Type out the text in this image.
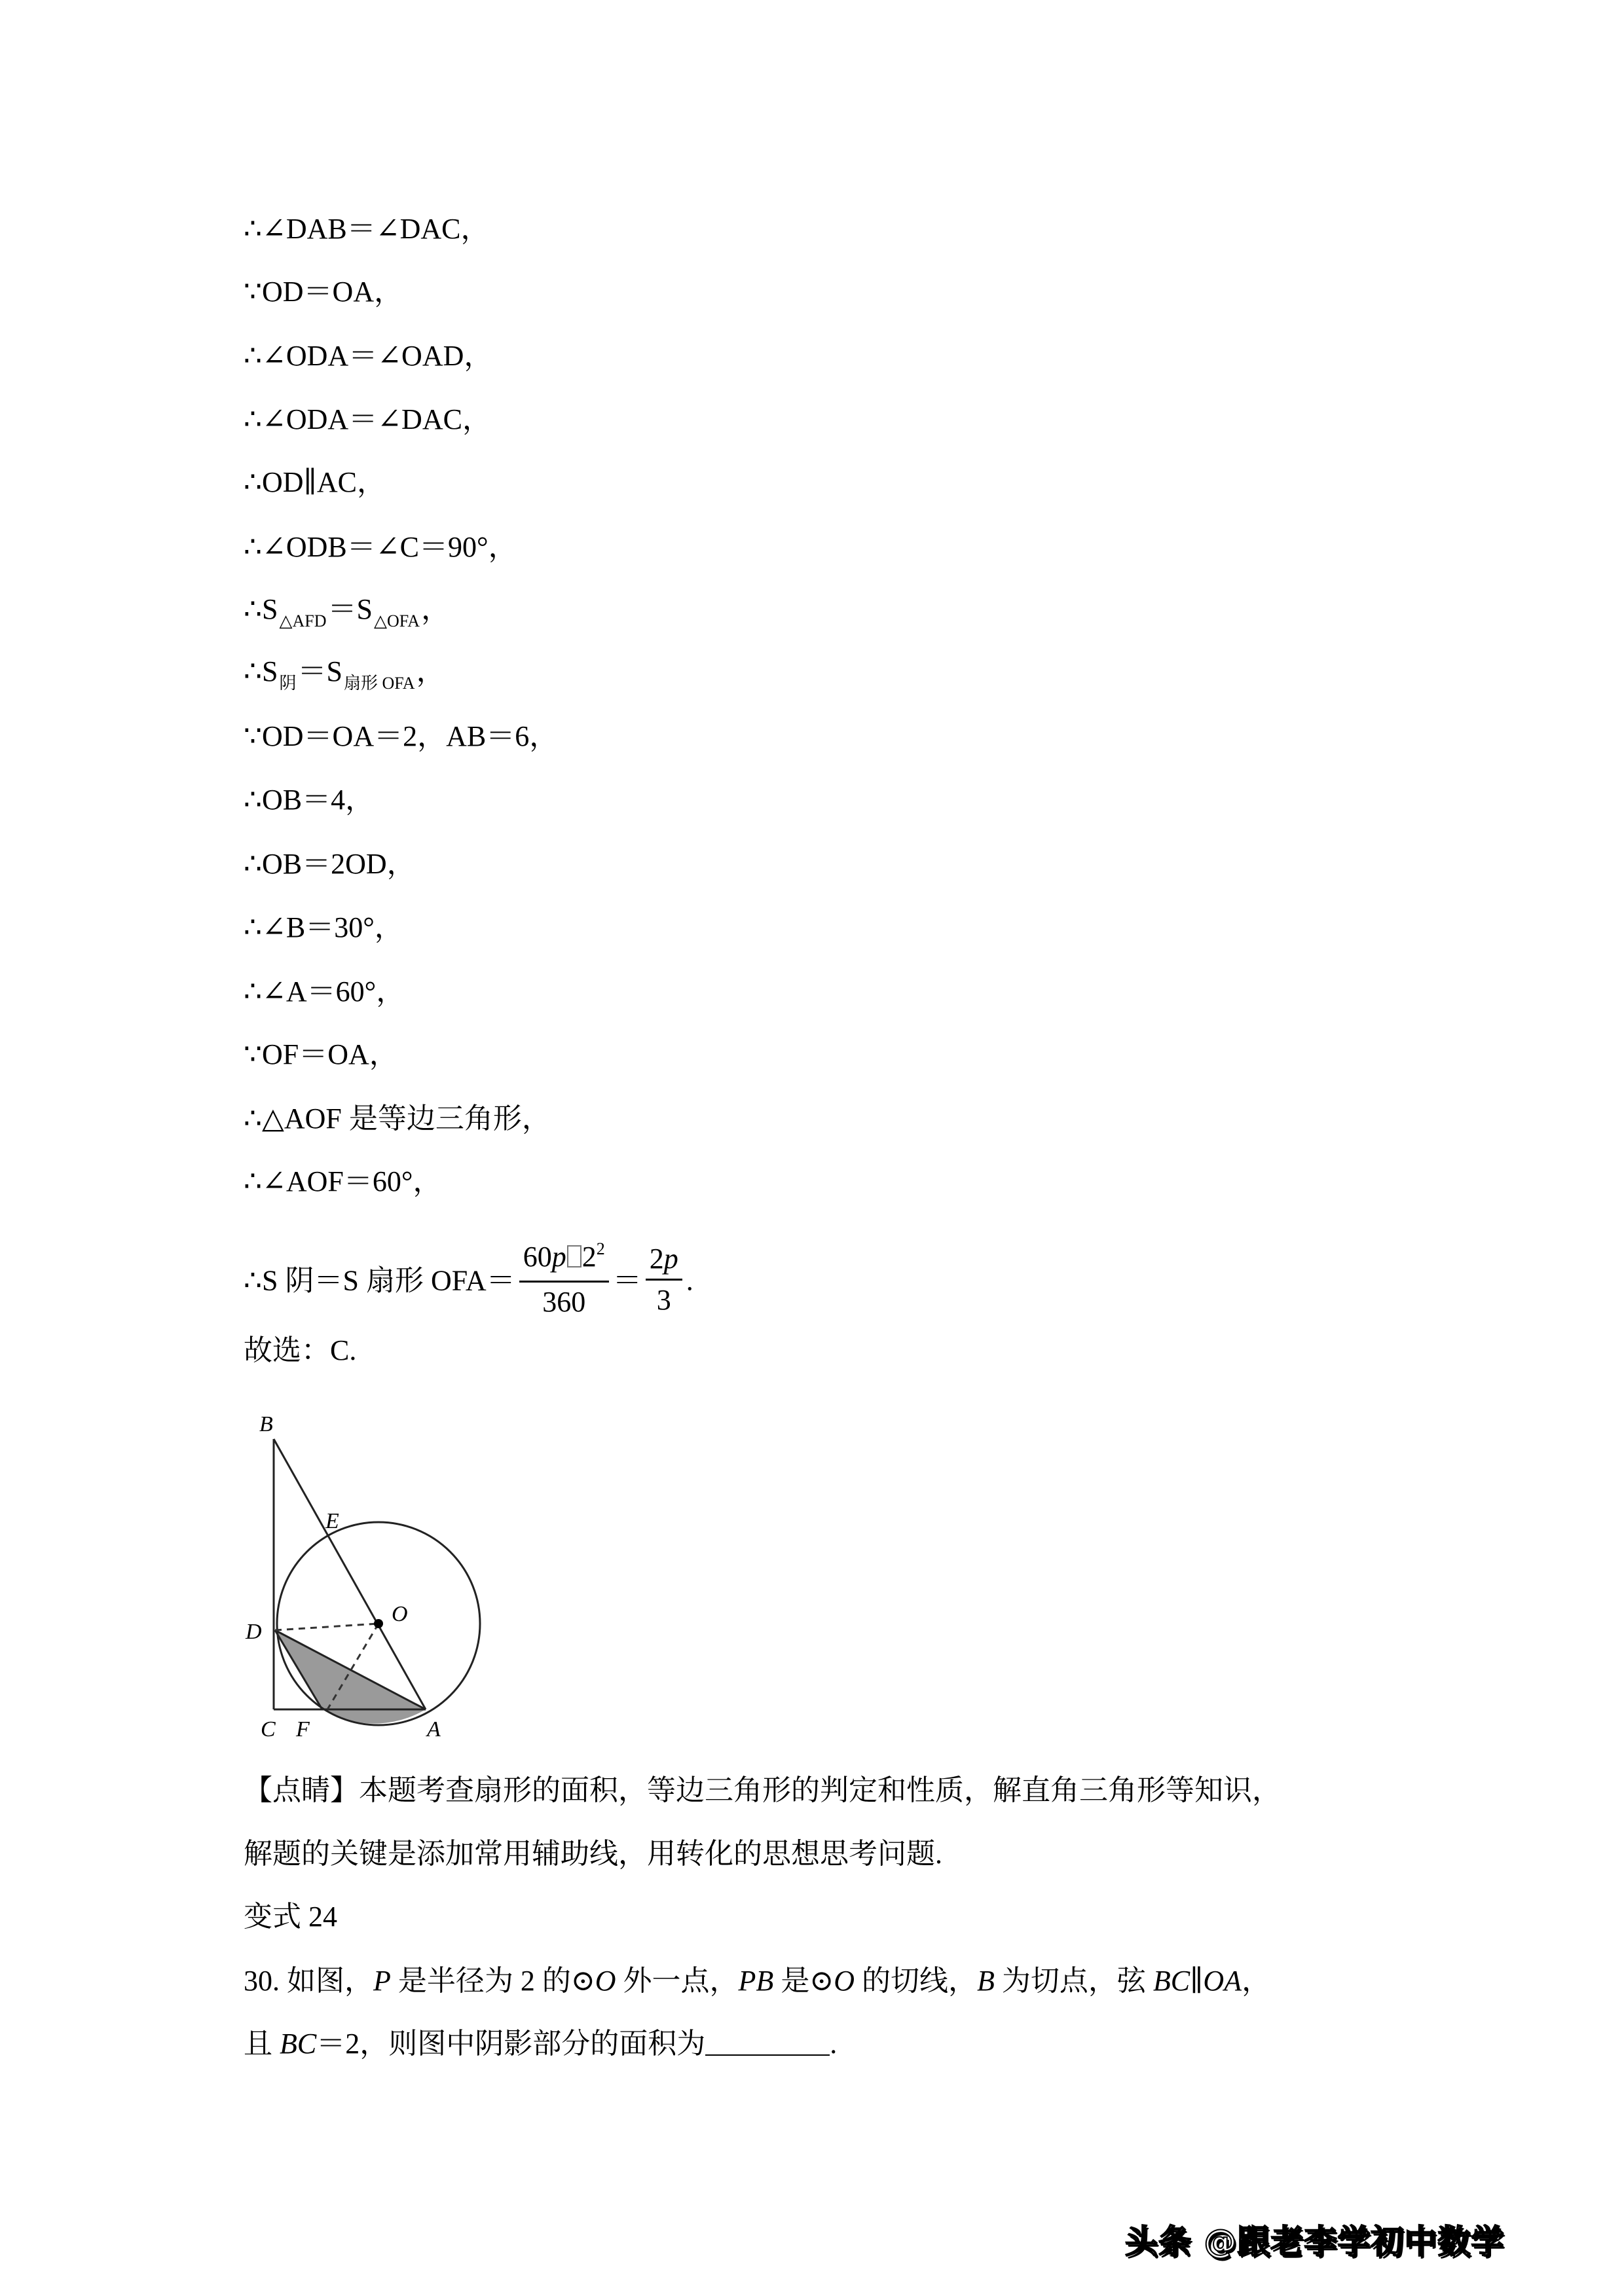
∴∠DAB＝∠DAC，
∵OD＝OA，
∴∠ODA＝∠OAD，
∴∠ODA＝∠DAC，
∴OD∥AC，
∴∠ODB＝∠C＝90°，
$\therefore S_{\triangle AFD}=S_{\triangle OFA}$，
$\therefore S_阴=S_{扇形 OFA}$，
∵OD＝OA＝2，AB＝6，
∴OB＝4，
∴OB＝2OD，
∴∠B＝30°，
∴∠A＝60°，
∵OF＝OA，
∴△AOF 是等边三角形，
∴∠AOF＝60°，
∴S 阴＝S 扇形 $OFA= \frac{60p 2^2}{360} = \frac{2p}{3}$ .
故选：C.
B
E
O
D
C F	A
【点睛】本题考查扇形的面积，等边三角形的判定和性质，解直角三角形等知识，
解题的关键是添加常用辅助线，用转化的思想思考问题.
变式 24
30. 如图，P 是半径为 2 的⊙O 外一点，PB 是⊙O 的切线，B 为切点，弦 BC∥OA，
且 BC＝2，则图中阴影部分的面积为	.
头条 @跟老李学初中数学
